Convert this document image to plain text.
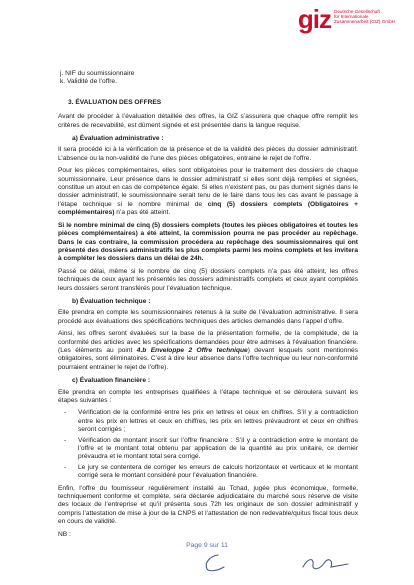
giz Deutsche Gesellschaft
für Internationale
Zusammenarbeit (GIZ) GmbH
j. NIF du soumissionnaire
k. Validité de l’offre.
3. ÉVALUATION DES OFFRES

Avant de procéder à l’évaluation détaillée des offres, la GIZ s’assurera que chaque offre remplit les critères de recevabilité, est dûment signée et est présentée dans la langue requise.

a) Évaluation administrative :

Il sera procédé ici à la vérification de la présence et de la validité des pièces du dossier administratif. L’absence ou la non-validité de l’une des pièces obligatoires, entraine le rejet de l’offre.

Pour les pièces complémentaires, elles sont obligatoires pour le traitement des dossiers de chaque soumissionnaire. Leur présence dans le dossier administratif si elles sont déjà remplies et signées, constitue un atout en cas de compétence égale. Si elles n’existent pas, ou pas dument signés dans le dossier administratif, le soumissionnaire serait tenu de le faire dans tous les cas avant le passage à l’étape technique si le nombre minimal de cinq (5) dossiers complets (Obligatoires + complémentaires) n’a pas été atteint.

Si le nombre minimal de cinq (5) dossiers complets (toutes les pièces obligatoires et toutes les pièces complémentaires) a été atteint, la commission pourra ne pas procéder au repêchage. Dans le cas contraire, la commission procédera au repêchage des soumissionnaires qui ont présenté des dossiers administratifs les plus complets parmi les moins complets et les invitera à compléter les dossiers dans un délai de 24h.

Passé ce délai, même si le nombre de cinq (5) dossiers complets n’a pas été atteint, les offres techniques de ceux ayant les présentés les dossiers administratifs complets et ceux ayant complétés leurs dossiers seront transférés pour l’évaluation technique.

b) Évaluation technique :

Elle prendra en compte les soumissionnaires retenus à la suite de l’évaluation administrative. Il sera procédé aux évaluations des spécifications techniques des articles demandés dans l’appel d’offre.

Ainsi, les offres seront évaluées sur la base de la présentation formelle, de la complétude, de la conformité des articles avec les spécifications demandées pour être admises à l’évaluation financière. (Les éléments au point 4.b Enveloppe 2 Offre technique) devant lesquels sont mentionnés obligatoires, sont éliminatoires. C’est à dire leur absence dans l’offre technique ou leur non-conformité pourraient entrainer le rejet de l’offre).

c) Évaluation financière :

Elle prendra en compte les entreprises qualifiées à l’étape technique et se déroulera suivant les étapes suivantes :

- Vérification de la conformité entre les prix en lettres et ceux en chiffres. S’il y a contradiction entre les prix en lettres et ceux en chiffres, les prix en lettres prévaudront et ceux en chiffres seront corrigés ;
- Vérification de montant inscrit sur l’offre financière : S’il y a contradiction entre le montant de l’offre et le montant total obtenu par application de la quantité au prix unitaire, ce dernier prévaudra et le montant total sera corrigé.
- Le jury se contentera de corriger les erreurs de calculs horizontaux et verticaux et le montant corrigé sera le montant considéré pour l’évaluation financière.

Enfin, l’offre du fournisseur régulièrement installé au Tchad, jugée plus économique, formelle, techniquement conforme et complète, sera déclarée adjudicataire du marché sous réserve de visite des locaux de l’entreprise et qu’il présenta sous 72h les originaux de son dossier administratif y compris l’attestation de mise à jour de la CNPS et l’attestation de non redevable/quitus fiscal tous deux en cours de validité.

NB :

Page 9 sur 11
